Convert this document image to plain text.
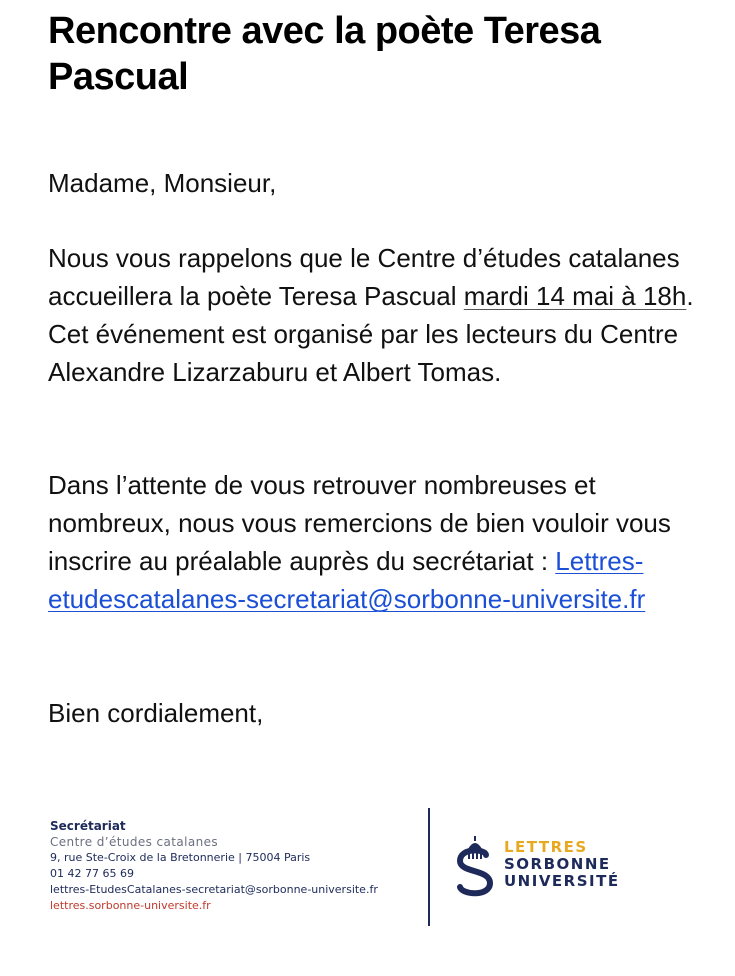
Rencontre avec la poète Teresa Pascual

Madame, Monsieur,

Nous vous rappelons que le Centre d’études catalanes accueillera la poète Teresa Pascual mardi 14 mai à 18h. Cet événement est organisé par les lecteurs du Centre Alexandre Lizarzaburu et Albert Tomas.

Dans l’attente de vous retrouver nombreuses et nombreux, nous vous remercions de bien vouloir vous inscrire au préalable auprès du secrétariat : Lettres-etudescatalanes-secretariat@sorbonne-universite.fr

Bien cordialement,

Secrétariat
Centre d’études catalanes
9, rue Ste-Croix de la Bretonnerie | 75004 Paris
01 42 77 65 69
lettres-EtudesCatalanes-secretariat@sorbonne-universite.fr
lettres.sorbonne-universite.fr
LETTRES
SORBONNE
UNIVERSITÉ
